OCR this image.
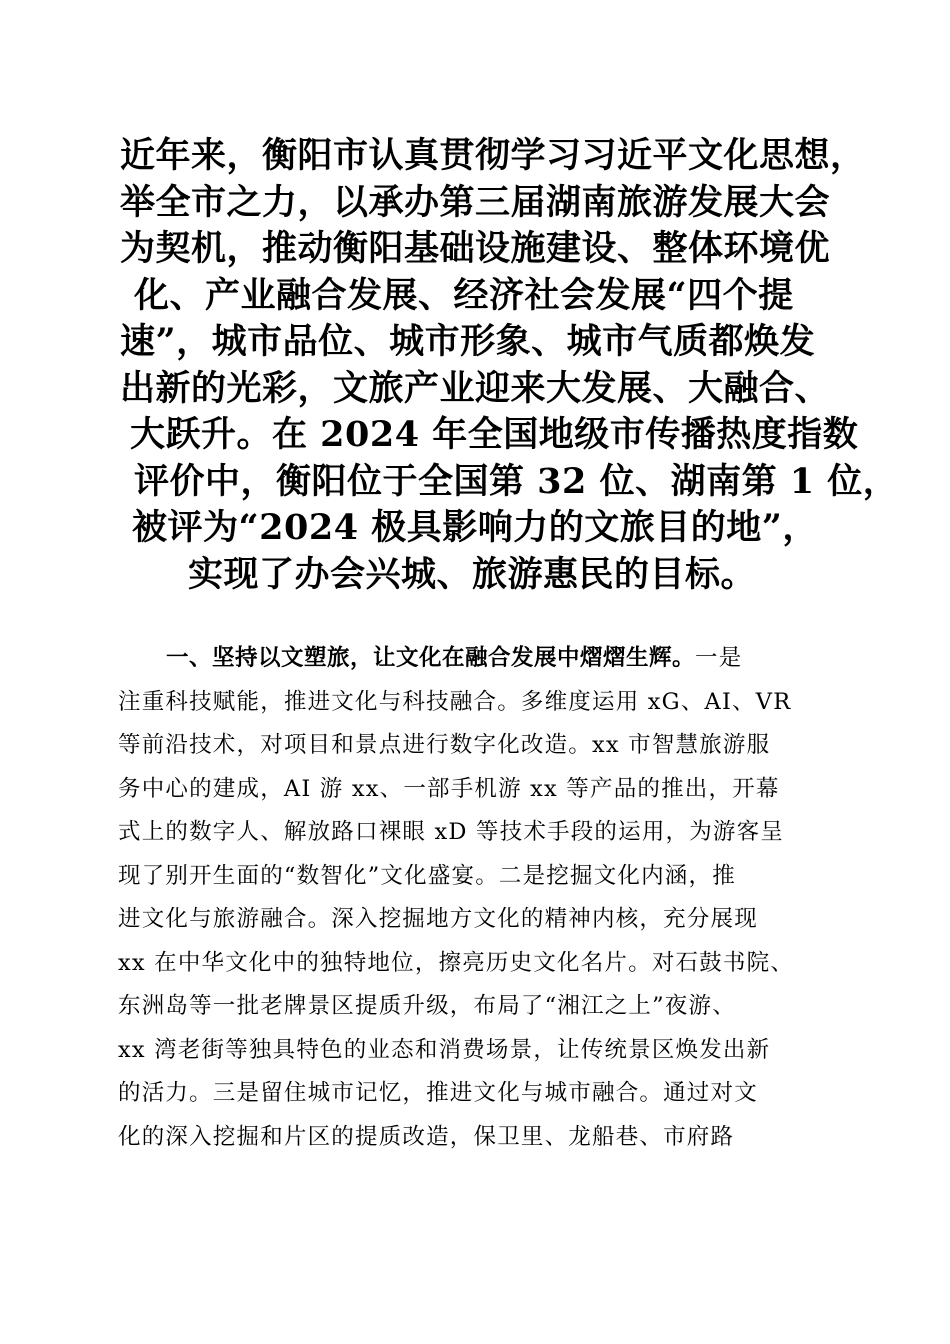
近年来，衡阳市认真贯彻学习习近平文化思想，
举全市之力，以承办第三届湖南旅游发展大会
为契机，推动衡阳基础设施建设、整体环境优
化、产业融合发展、经济社会发展“四个提
速”，城市品位、城市形象、城市气质都焕发
出新的光彩，文旅产业迎来大发展、大融合、
大跃升。在 2024 年全国地级市传播热度指数
评价中，衡阳位于全国第 32 位、湖南第 1 位，
被评为“2024 极具影响力的文旅目的地”，
实现了办会兴城、旅游惠民的目标。
一、坚持以文塑旅，让文化在融合发展中熠熠生辉。一是
注重科技赋能，推进文化与科技融合。多维度运用 xG、AI、VR
等前沿技术，对项目和景点进行数字化改造。xx 市智慧旅游服
务中心的建成，AI 游 xx、一部手机游 xx 等产品的推出，开幕
式上的数字人、解放路口裸眼 xD 等技术手段的运用，为游客呈
现了别开生面的“数智化”文化盛宴。二是挖掘文化内涵，推
进文化与旅游融合。深入挖掘地方文化的精神内核，充分展现
xx 在中华文化中的独特地位，擦亮历史文化名片。对石鼓书院、
东洲岛等一批老牌景区提质升级，布局了“湘江之上”夜游、
xx 湾老街等独具特色的业态和消费场景，让传统景区焕发出新
的活力。三是留住城市记忆，推进文化与城市融合。通过对文
化的深入挖掘和片区的提质改造，保卫里、龙船巷、市府路
